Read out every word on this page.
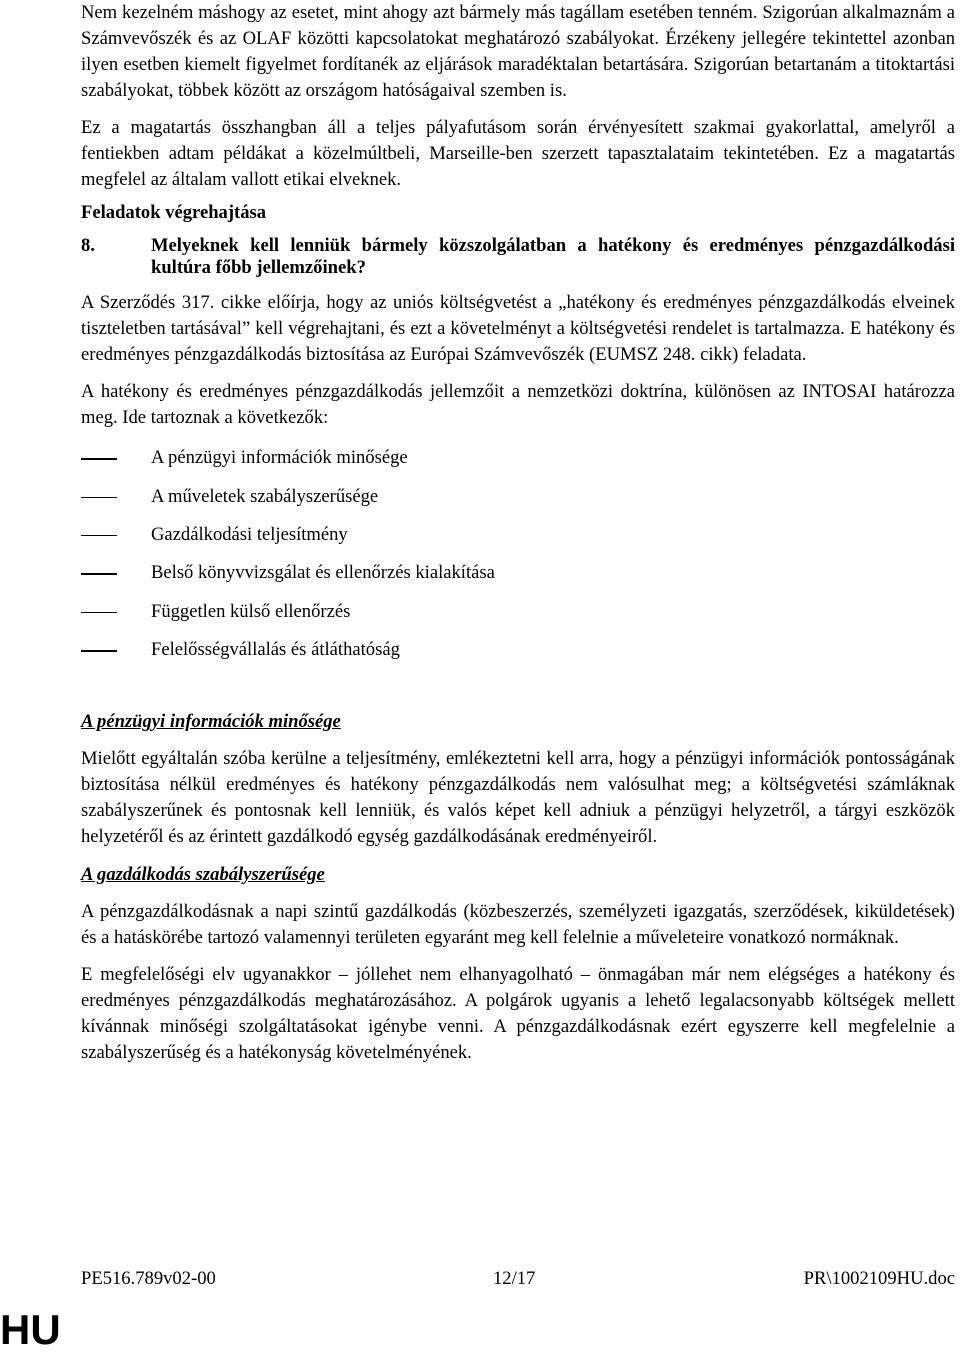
Nem kezelném máshogy az esetet, mint ahogy azt bármely más tagállam esetében tenném. Szigorúan alkalmaznám a Számvevőszék és az OLAF közötti kapcsolatokat meghatározó szabályokat. Érzékeny jellegére tekintettel azonban ilyen esetben kiemelt figyelmet fordítanék az eljárások maradéktalan betartására. Szigorúan betartanám a titoktartási szabályokat, többek között az országom hatóságaival szemben is.

Ez a magatartás összhangban áll a teljes pályafutásom során érvényesített szakmai gyakorlattal, amelyről a fentiekben adtam példákat a közelmúltbeli, Marseille-ben szerzett tapasztalataim tekintetében. Ez a magatartás megfelel az általam vallott etikai elveknek.

Feladatok végrehajtása
8.	Melyeknek kell lenniük bármely közszolgálatban a hatékony és eredményes pénzgazdálkodási kultúra főbb jellemzőinek?

A Szerződés 317. cikke előírja, hogy az uniós költségvetést a „hatékony és eredményes pénzgazdálkodás elveinek tiszteletben tartásával” kell végrehajtani, és ezt a követelményt a költségvetési rendelet is tartalmazza. E hatékony és eredményes pénzgazdálkodás biztosítása az Európai Számvevőszék (EUMSZ 248. cikk) feladata.

A hatékony és eredményes pénzgazdálkodás jellemzőit a nemzetközi doktrína, különösen az INTOSAI határozza meg. Ide tartoznak a következők:

A pénzügyi információk minősége
A műveletek szabályszerűsége
Gazdálkodási teljesítmény
Belső könyvvizsgálat és ellenőrzés kialakítása
Független külső ellenőrzés
Felelősségvállalás és átláthatóság
A pénzügyi információk minősége

Mielőtt egyáltalán szóba kerülne a teljesítmény, emlékeztetni kell arra, hogy a pénzügyi információk pontosságának biztosítása nélkül eredményes és hatékony pénzgazdálkodás nem valósulhat meg; a költségvetési számláknak szabályszerűnek és pontosnak kell lenniük, és valós képet kell adniuk a pénzügyi helyzetről, a tárgyi eszközök helyzetéről és az érintett gazdálkodó egység gazdálkodásának eredményeiről.

A gazdálkodás szabályszerűsége

A pénzgazdálkodásnak a napi szintű gazdálkodás (közbeszerzés, személyzeti igazgatás, szerződések, kiküldetések) és a hatáskörébe tartozó valamennyi területen egyaránt meg kell felelnie a műveleteire vonatkozó normáknak.

E megfelelőségi elv ugyanakkor – jóllehet nem elhanyagolható – önmagában már nem elégséges a hatékony és eredményes pénzgazdálkodás meghatározásához. A polgárok ugyanis a lehető legalacsonyabb költségek mellett kívánnak minőségi szolgáltatásokat igénybe venni. A pénzgazdálkodásnak ezért egyszerre kell megfelelnie a szabályszerűség és a hatékonyság követelményének.

PE516.789v02-00	12/17	PR\1002109HU.doc
HU
